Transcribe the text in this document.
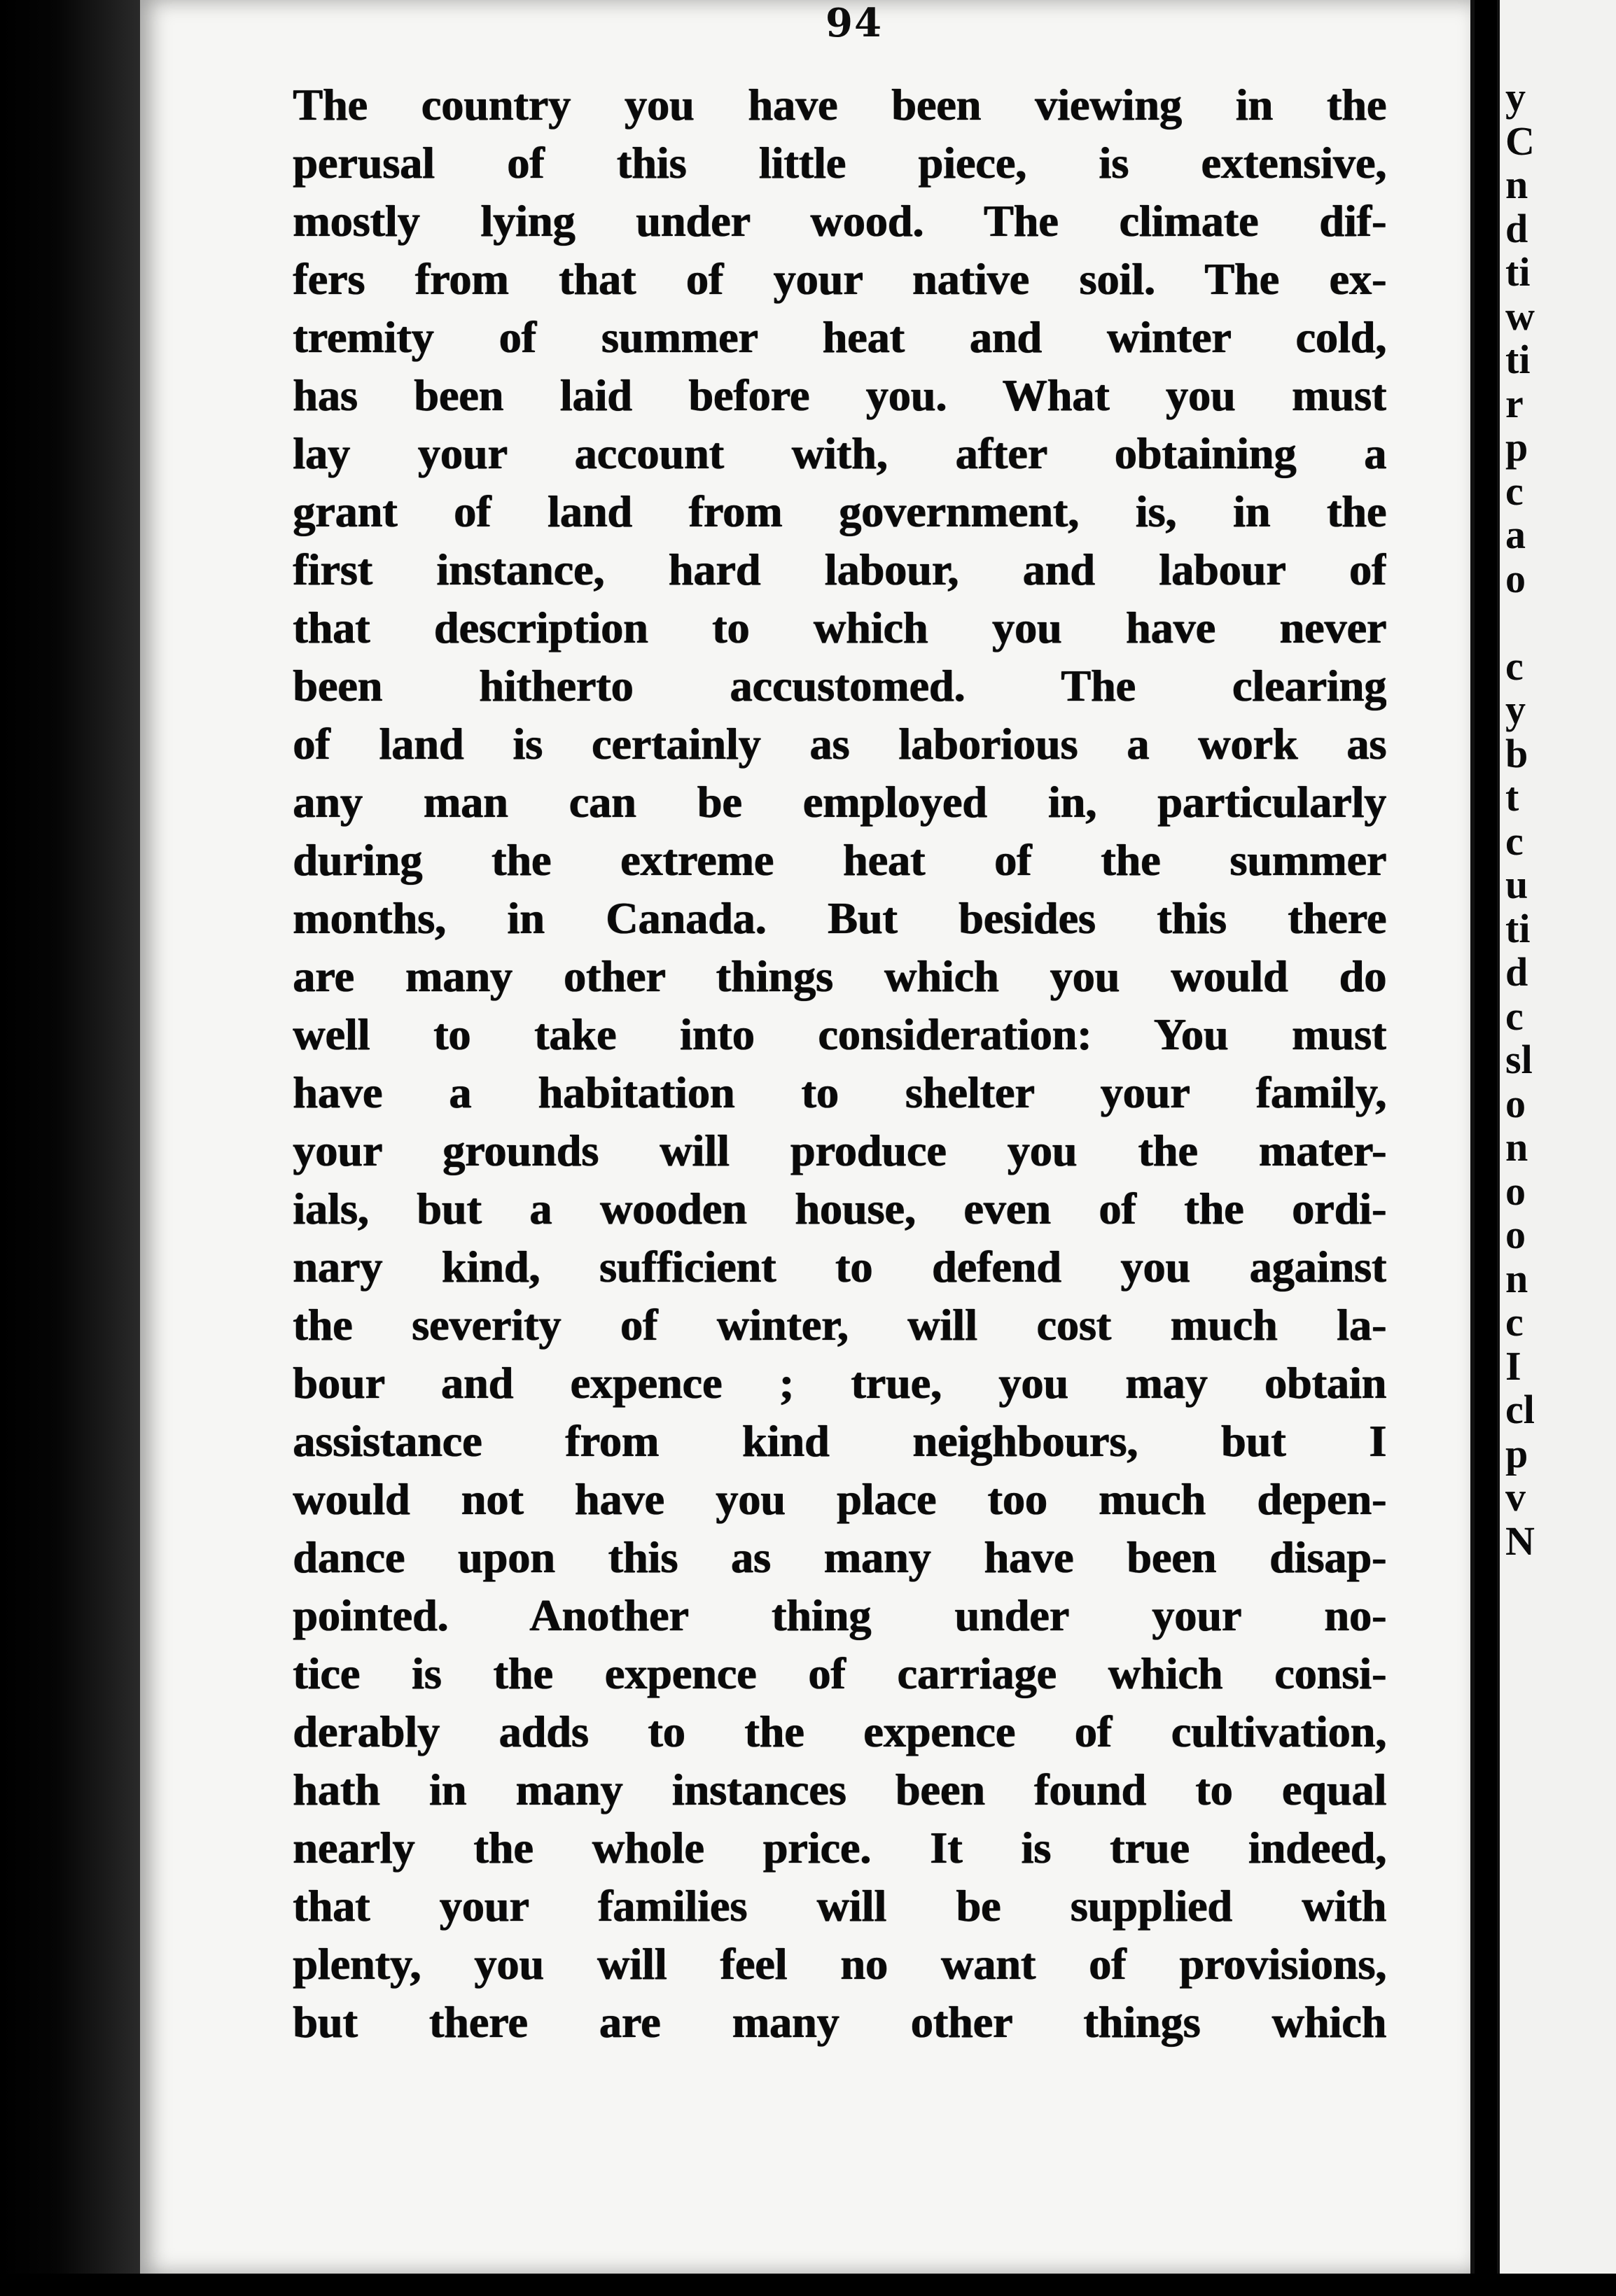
94
The country you have been viewing in the
perusal of this little piece, is extensive,
mostly lying under wood. The climate dif-
fers from that of your native soil. The ex-
tremity of summer heat and winter cold,
has been laid before you. What you must
lay your account with, after obtaining a
grant of land from government, is, in the
first instance, hard labour, and labour of
that description to which you have never
been hitherto accustomed. The clearing
of land is certainly as laborious a work as
any man can be employed in, particularly
during the extreme heat of the summer
months, in Canada. But besides this there
are many other things which you would do
well to take into consideration: You must
have a habitation to shelter your family,
your grounds will produce you the mater-
ials, but a wooden house, even of the ordi-
nary kind, sufficient to defend you against
the severity of winter, will cost much la-
bour and expence ; true, you may obtain
assistance from kind neighbours, but I
would not have you place too much depen-
dance upon this as many have been disap-
pointed. Another thing under your no-
tice is the expence of carriage which consi-
derably adds to the expence of cultivation,
hath in many instances been found to equal
nearly the whole price. It is true indeed,
that your families will be supplied with
plenty, you will feel no want of provisions,
but there are many other things which
y
C
n
d
ti
w
ti
r
p
c
a
o
c
y
b
t
c
u
ti
d
c
sl
o
n
o
o
n
c
I
cl
p
v
N
